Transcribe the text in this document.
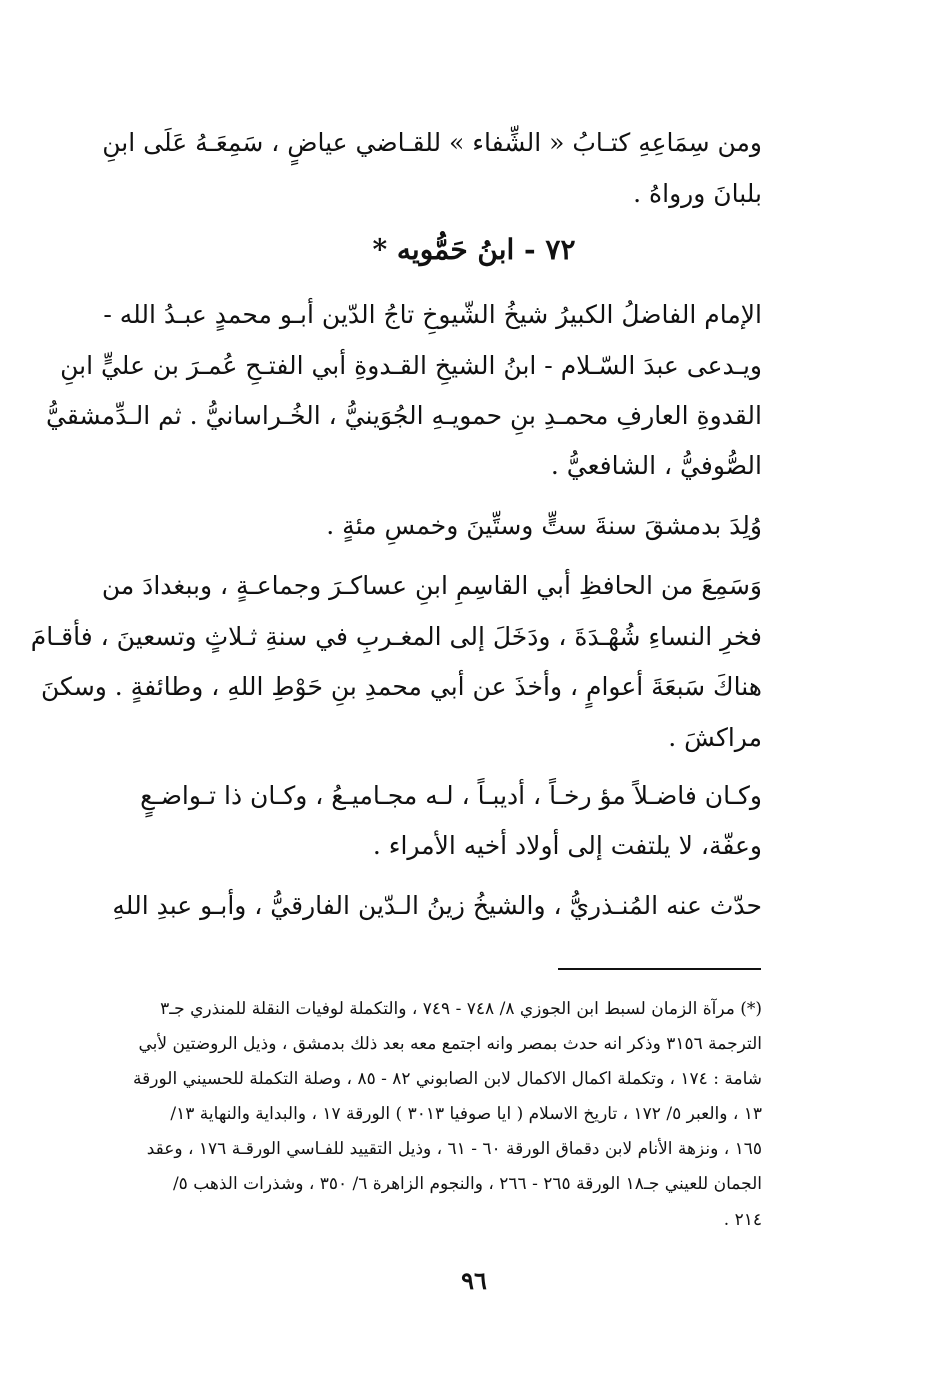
ومن سِمَاعِهِ كتـابُ « الشِّفاء » للقـاضي عياضٍ ، سَمِعَـهُ عَلَى ابنِ
بلبانَ ورواهُ .
٧٢ - ابنُ حَمُّويه *
الإمام الفاضلُ الكبيرُ شيخُ الشّيوخِ تاجُ الدّين أبـو محمدٍ عبـدُ الله -
ويـدعى عبدَ السّـلام - ابنُ الشيخِ القـدوةِ أبي الفتـحِ عُمـرَ بن عليٍّ ابنِ
القدوةِ العارفِ محمـدِ بنِ حمويـهِ الجُوَينيُّ ، الخُـراسانيُّ . ثم الـدِّمشقيُّ
الصُّوفيُّ ، الشافعيُّ .
وُلِدَ بدمشقَ سنةَ ستٍّ وستِّينَ وخمسِ مئةٍ .
وَسَمِعَ من الحافظِ أبي القاسِمِ ابنِ عساكـرَ وجماعـةٍ ، وببغدادَ من
فخرِ النساءِ شُهْـدَةَ ، ودَخَلَ إلى المغـربِ في سنةِ ثـلاثٍ وتسعينَ ، فأقـامَ
هناكَ سَبعَةَ أعوامٍ ، وأخذَ عن أبي محمدِ بنِ حَوْطِ اللهِ ، وطائفةٍ . وسكنَ
مراكشَ .
وكـان فاضـلاً مؤ رخـاً ، أديبـاً ، لـه مجـاميـعُ ، وكـان ذا تـواضـعٍ
وعفّة، لا يلتفت إلى أولاد أخيه الأمراء .
حدّث عنه المُنـذريُّ ، والشيخُ زينُ الـدّين الفارقيُّ ، وأبـو عبدِ اللهِ
(*) مرآة الزمان لسبط ابن الجوزي ٨/ ٧٤٨ - ٧٤٩ ، والتكملة لوفيات النقلة للمنذري جـ٣
الترجمة ٣١٥٦ وذكر انه حدث بمصر وانه اجتمع معه بعد ذلك بدمشق ، وذيل الروضتين لأبي
شامة : ١٧٤ ، وتكملة اكمال الاكمال لابن الصابوني ٨٢ - ٨٥ ، وصلة التكملة للحسيني الورقة
١٣ ، والعبر ٥/ ١٧٢ ، تاريخ الاسلام ( ايا صوفيا ٣٠١٣ ) الورقة ١٧ ، والبداية والنهاية ١٣/
١٦٥ ، ونزهة الأنام لابن دقماق الورقة ٦٠ - ٦١ ، وذيل التقييد للفـاسي الورقـة ١٧٦ ، وعقد
الجمان للعيني جـ١٨ الورقة ٢٦٥ - ٢٦٦ ، والنجوم الزاهرة ٦/ ٣٥٠ ، وشذرات الذهب ٥/
٢١٤ .
٩٦
